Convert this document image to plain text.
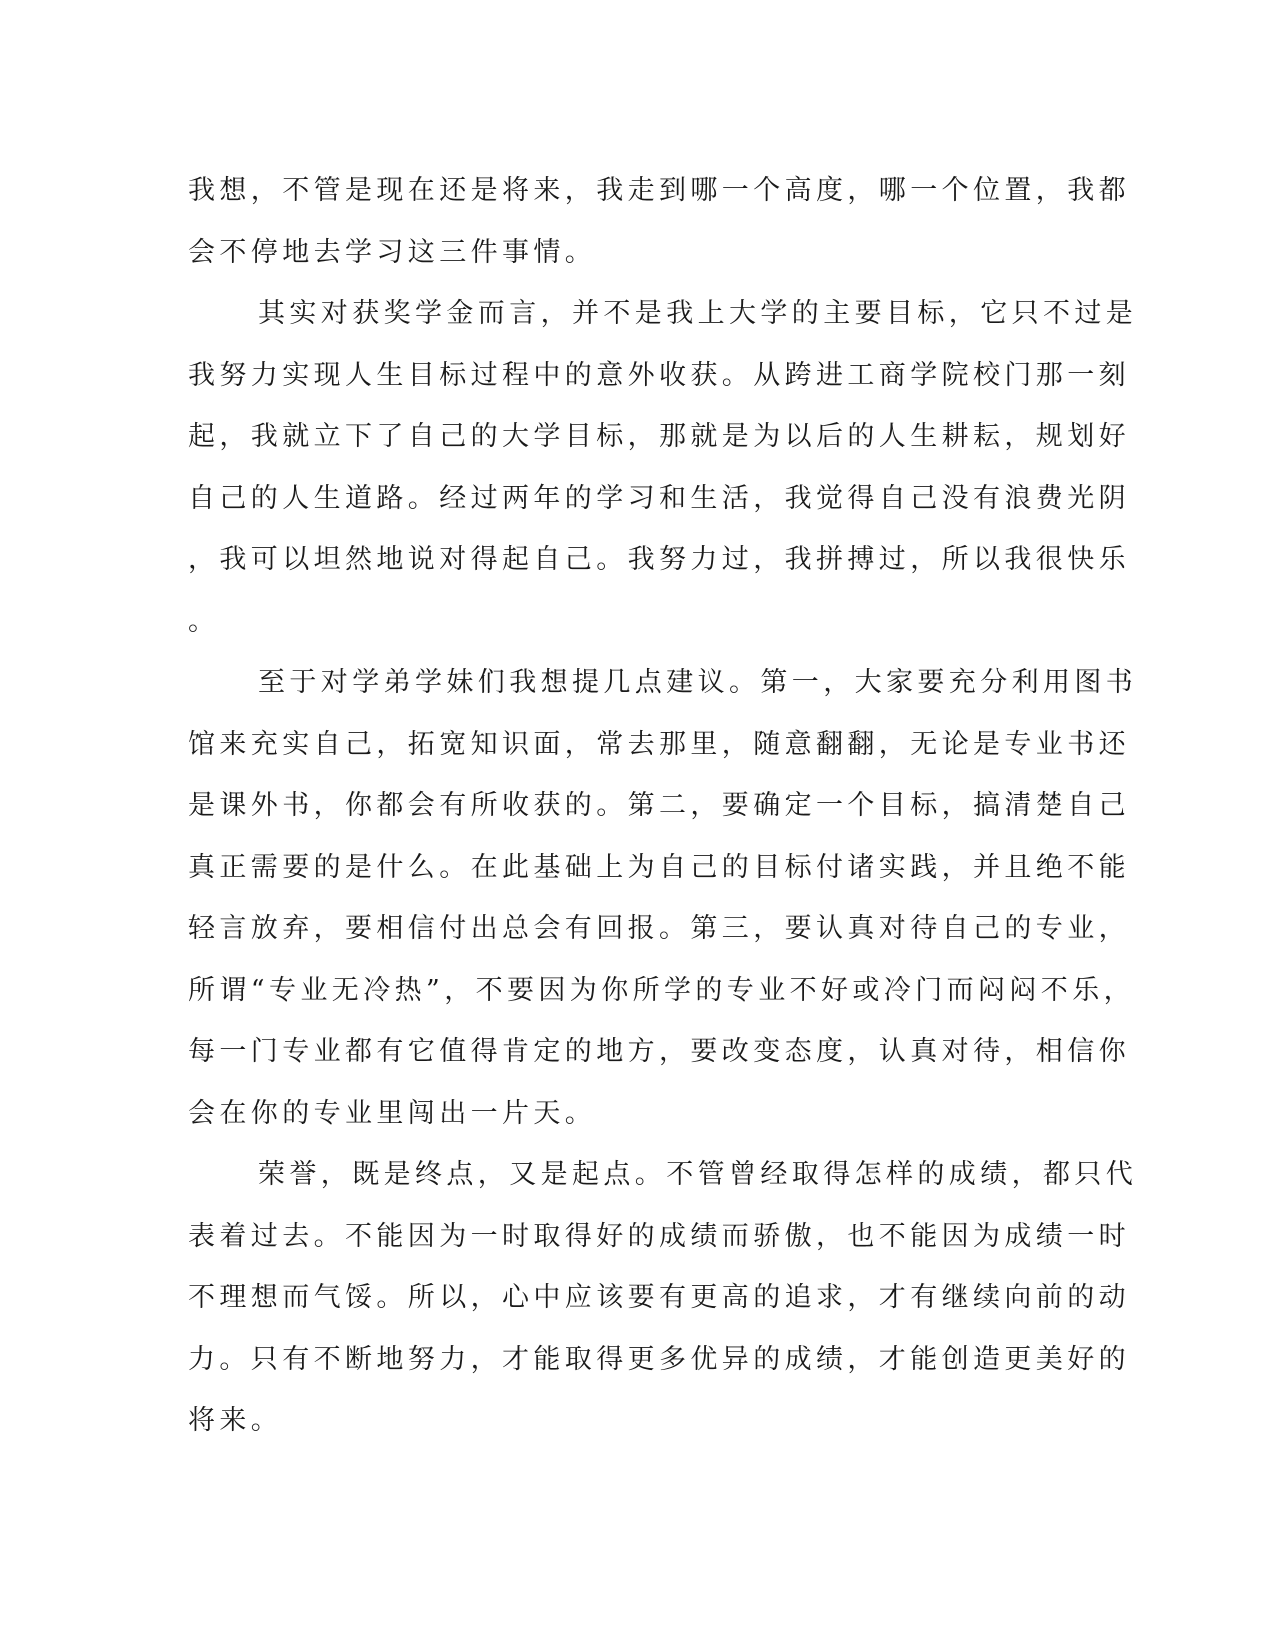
我想，不管是现在还是将来，我走到哪一个高度，哪一个位置，我都
会不停地去学习这三件事情。
其实对获奖学金而言，并不是我上大学的主要目标，它只不过是
我努力实现人生目标过程中的意外收获。从跨进工商学院校门那一刻
起，我就立下了自己的大学目标，那就是为以后的人生耕耘，规划好
自己的人生道路。经过两年的学习和生活，我觉得自己没有浪费光阴
，我可以坦然地说对得起自己。我努力过，我拼搏过，所以我很快乐
。
至于对学弟学妹们我想提几点建议。第一，大家要充分利用图书
馆来充实自己，拓宽知识面，常去那里，随意翻翻，无论是专业书还
是课外书，你都会有所收获的。第二，要确定一个目标，搞清楚自己
真正需要的是什么。在此基础上为自己的目标付诸实践，并且绝不能
轻言放弃，要相信付出总会有回报。第三，要认真对待自己的专业，
所谓“专业无冷热”，不要因为你所学的专业不好或冷门而闷闷不乐，
每一门专业都有它值得肯定的地方，要改变态度，认真对待，相信你
会在你的专业里闯出一片天。
荣誉，既是终点，又是起点。不管曾经取得怎样的成绩，都只代
表着过去。不能因为一时取得好的成绩而骄傲，也不能因为成绩一时
不理想而气馁。所以，心中应该要有更高的追求，才有继续向前的动
力。只有不断地努力，才能取得更多优异的成绩，才能创造更美好的
将来。
